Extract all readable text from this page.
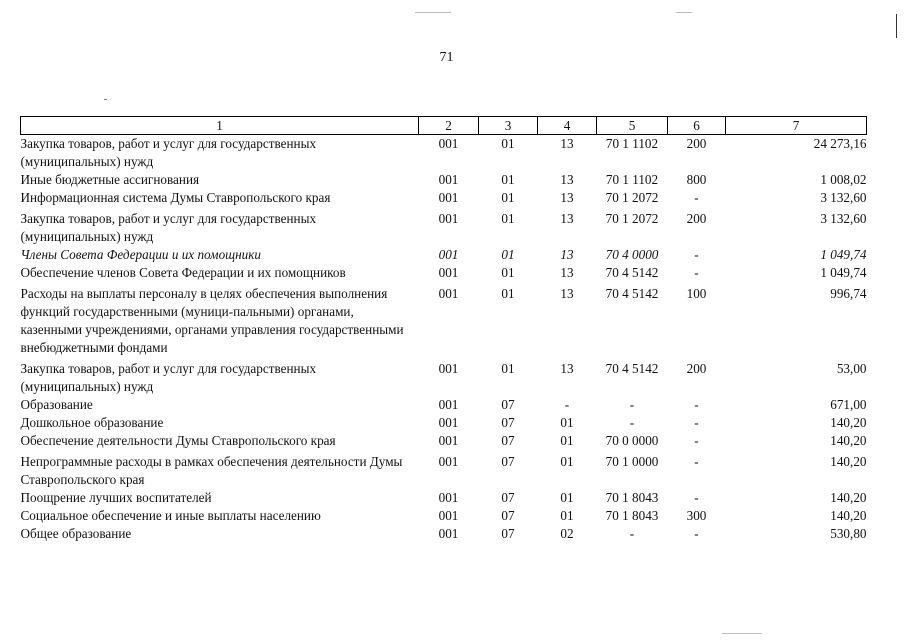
71
1	2	3	4	5	6	7
Закупка товаров, работ и услуг для государственных (муниципальных) нужд	001	01	13	70 1 1102	200	24 273,16
Иные бюджетные ассигнования	001	01	13	70 1 1102	800	1 008,02
Информационная система Думы Ставропольского края	001	01	13	70 1 2072	-	3 132,60
Закупка товаров, работ и услуг для государственных (муниципальных) нужд	001	01	13	70 1 2072	200	3 132,60
Члены Совета Федерации и их помощники	001	01	13	70 4 0000	-	1 049,74
Обеспечение членов Совета Федерации и их помощников	001	01	13	70 4 5142	-	1 049,74
Расходы на выплаты персоналу в целях обеспечения выполнения функций государственными (муници-пальными) органами, казенными учреждениями, органами управления государственными внебюджетными фондами	001	01	13	70 4 5142	100	996,74
Закупка товаров, работ и услуг для государственных (муниципальных) нужд	001	01	13	70 4 5142	200	53,00
Образование	001	07	-	-	-	671,00
Дошкольное образование	001	07	01	-	-	140,20
Обеспечение деятельности Думы Ставропольского края	001	07	01	70 0 0000	-	140,20
Непрограммные расходы в рамках обеспечения деятельности Думы Ставропольского края	001	07	01	70 1 0000	-	140,20
Поощрение лучших воспитателей	001	07	01	70 1 8043	-	140,20
Социальное обеспечение и иные выплаты населению	001	07	01	70 1 8043	300	140,20
Общее образование	001	07	02	-	-	530,80
